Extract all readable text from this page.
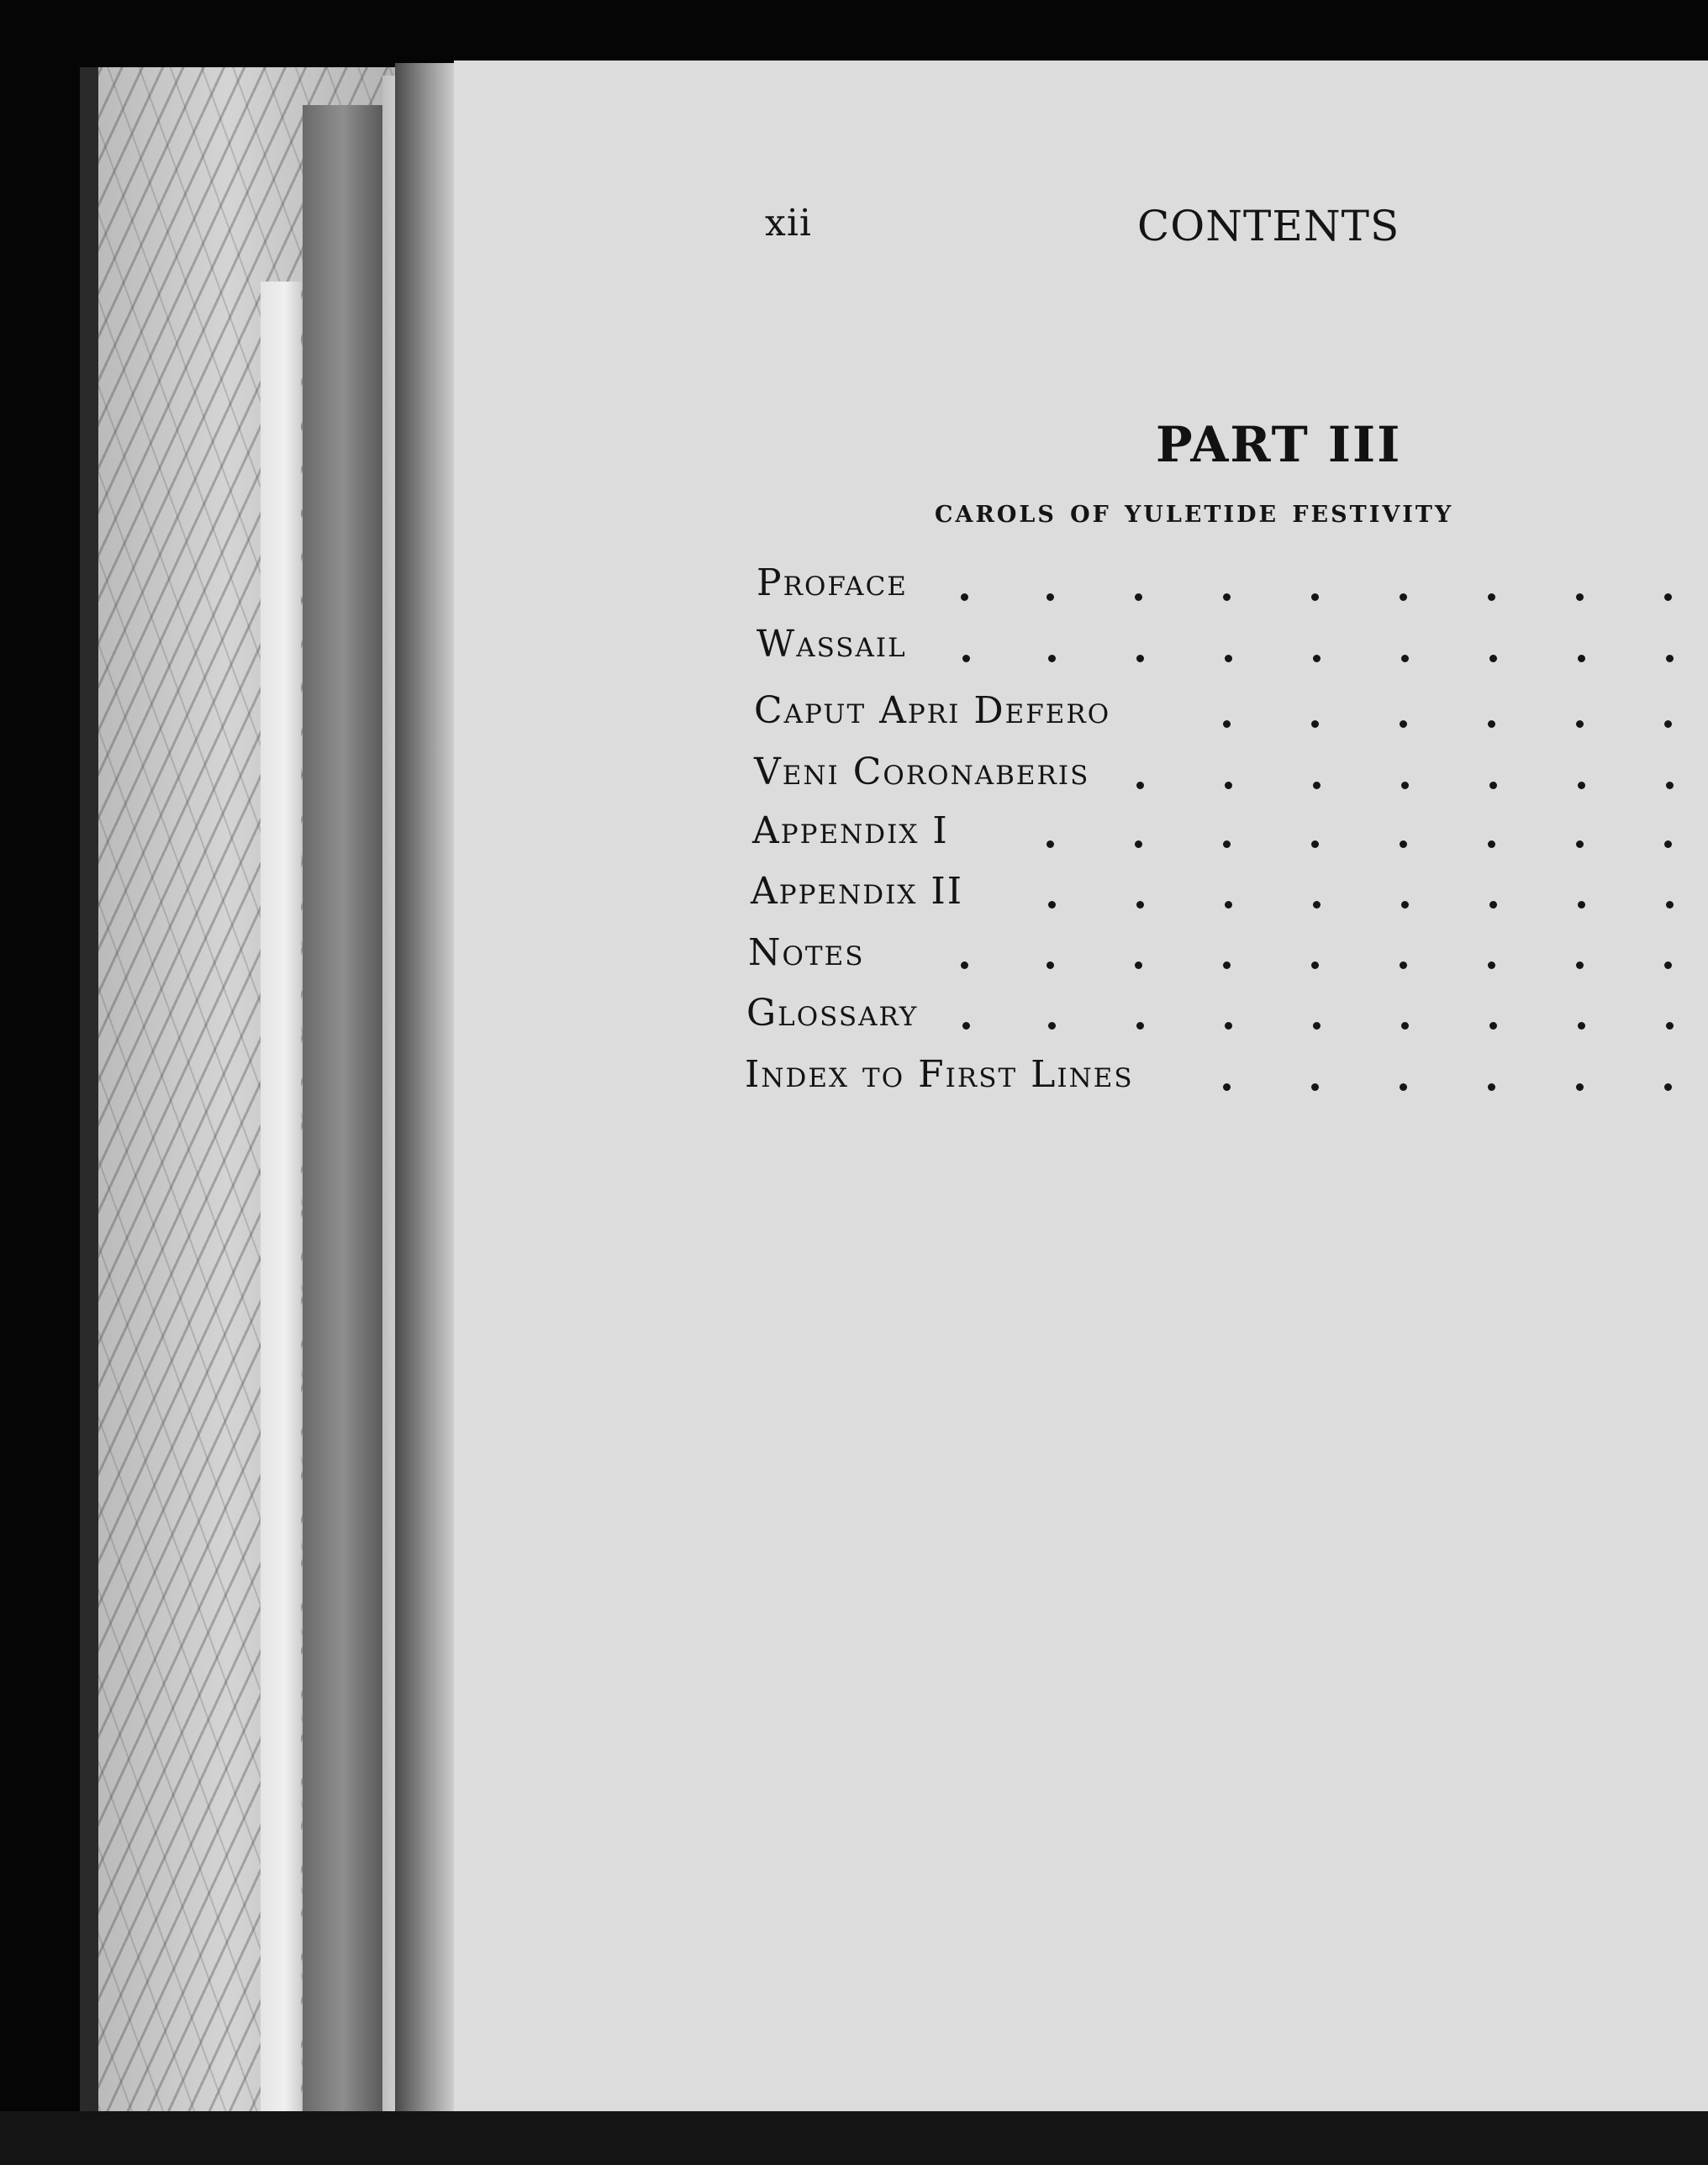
xii	CONTENTS
PART III
carols of yuletide festivity
Proface
Wassail
Caput Apri Defero
Veni Coronaberis
Appendix I
Appendix II
Notes
Glossary
Index to First Lines
